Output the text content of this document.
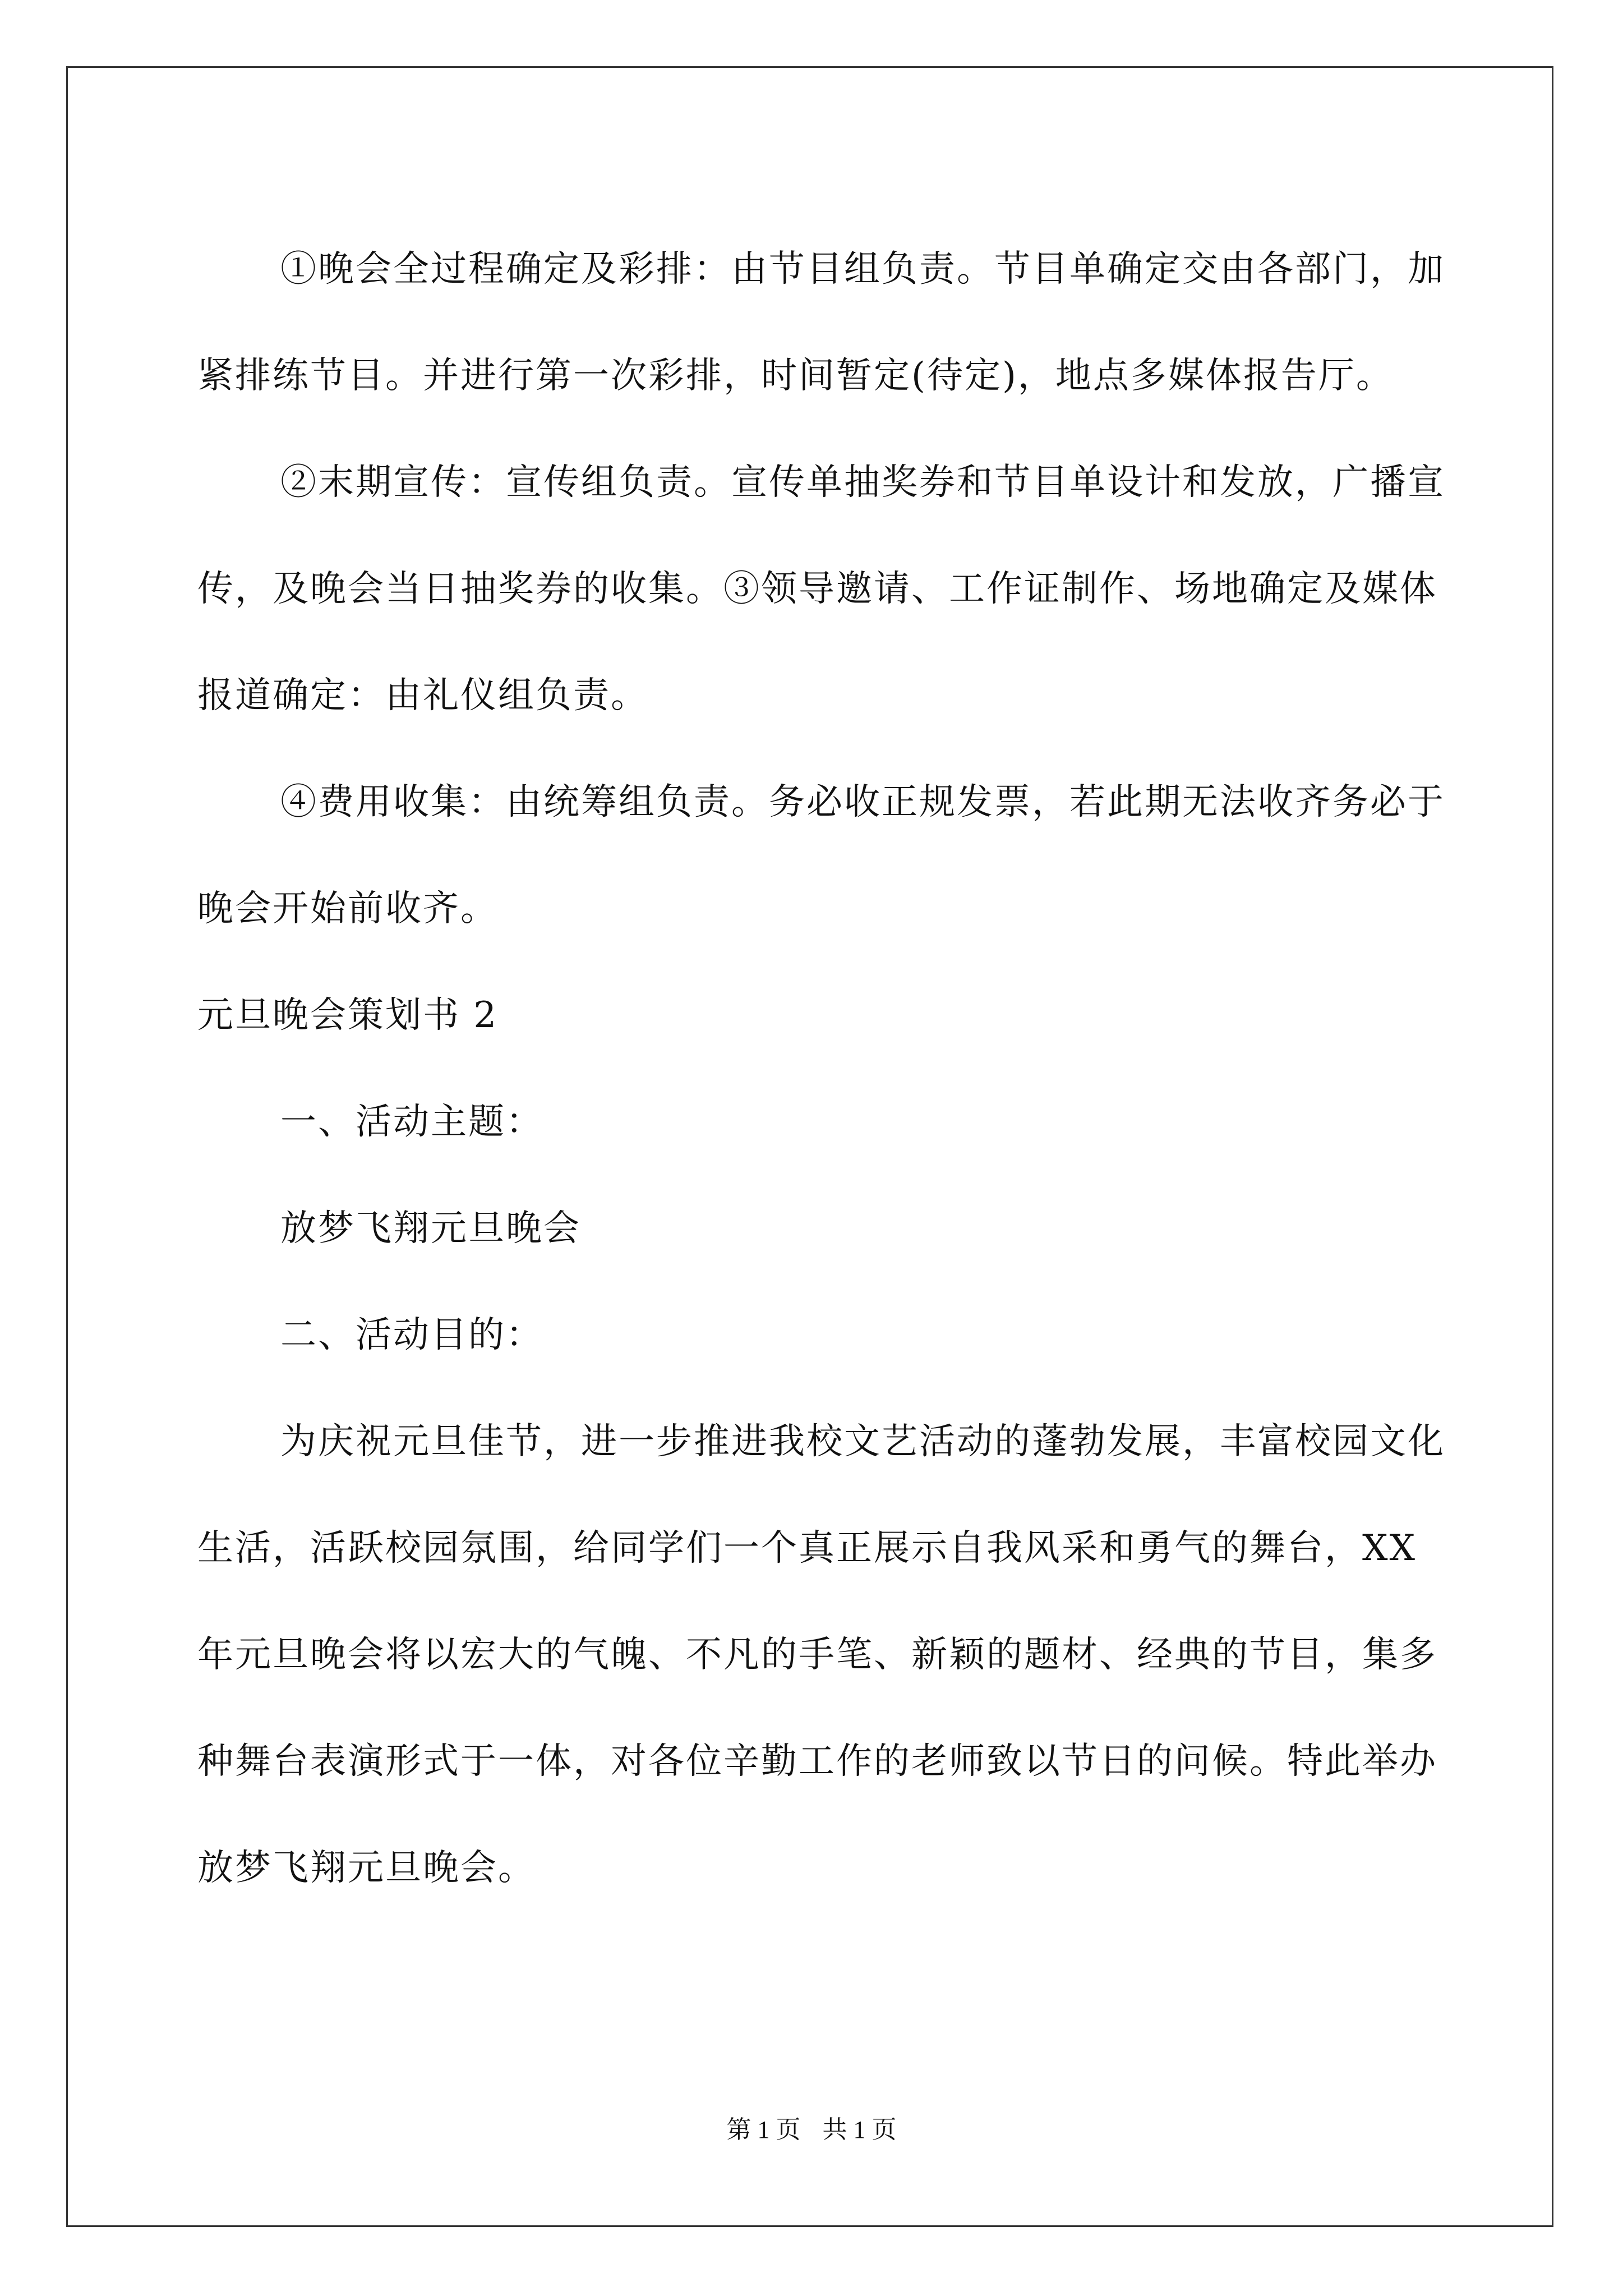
①晚会全过程确定及彩排：由节目组负责。节目单确定交由各部门，加紧排练节目。并进行第一次彩排，时间暂定(待定)，地点多媒体报告厅。

②末期宣传：宣传组负责。宣传单抽奖券和节目单设计和发放，广播宣传，及晚会当日抽奖券的收集。③领导邀请、工作证制作、场地确定及媒体报道确定：由礼仪组负责。

④费用收集：由统筹组负责。务必收正规发票，若此期无法收齐务必于晚会开始前收齐。

元旦晚会策划书 2

一、活动主题：

放梦飞翔元旦晚会

二、活动目的：

为庆祝元旦佳节，进一步推进我校文艺活动的蓬勃发展，丰富校园文化生活，活跃校园氛围，给同学们一个真正展示自我风采和勇气的舞台，XX 年元旦晚会将以宏大的气魄、不凡的手笔、新颖的题材、经典的节目，集多种舞台表演形式于一体，对各位辛勤工作的老师致以节日的问候。特此举办放梦飞翔元旦晚会。

第 1 页 共 1 页
